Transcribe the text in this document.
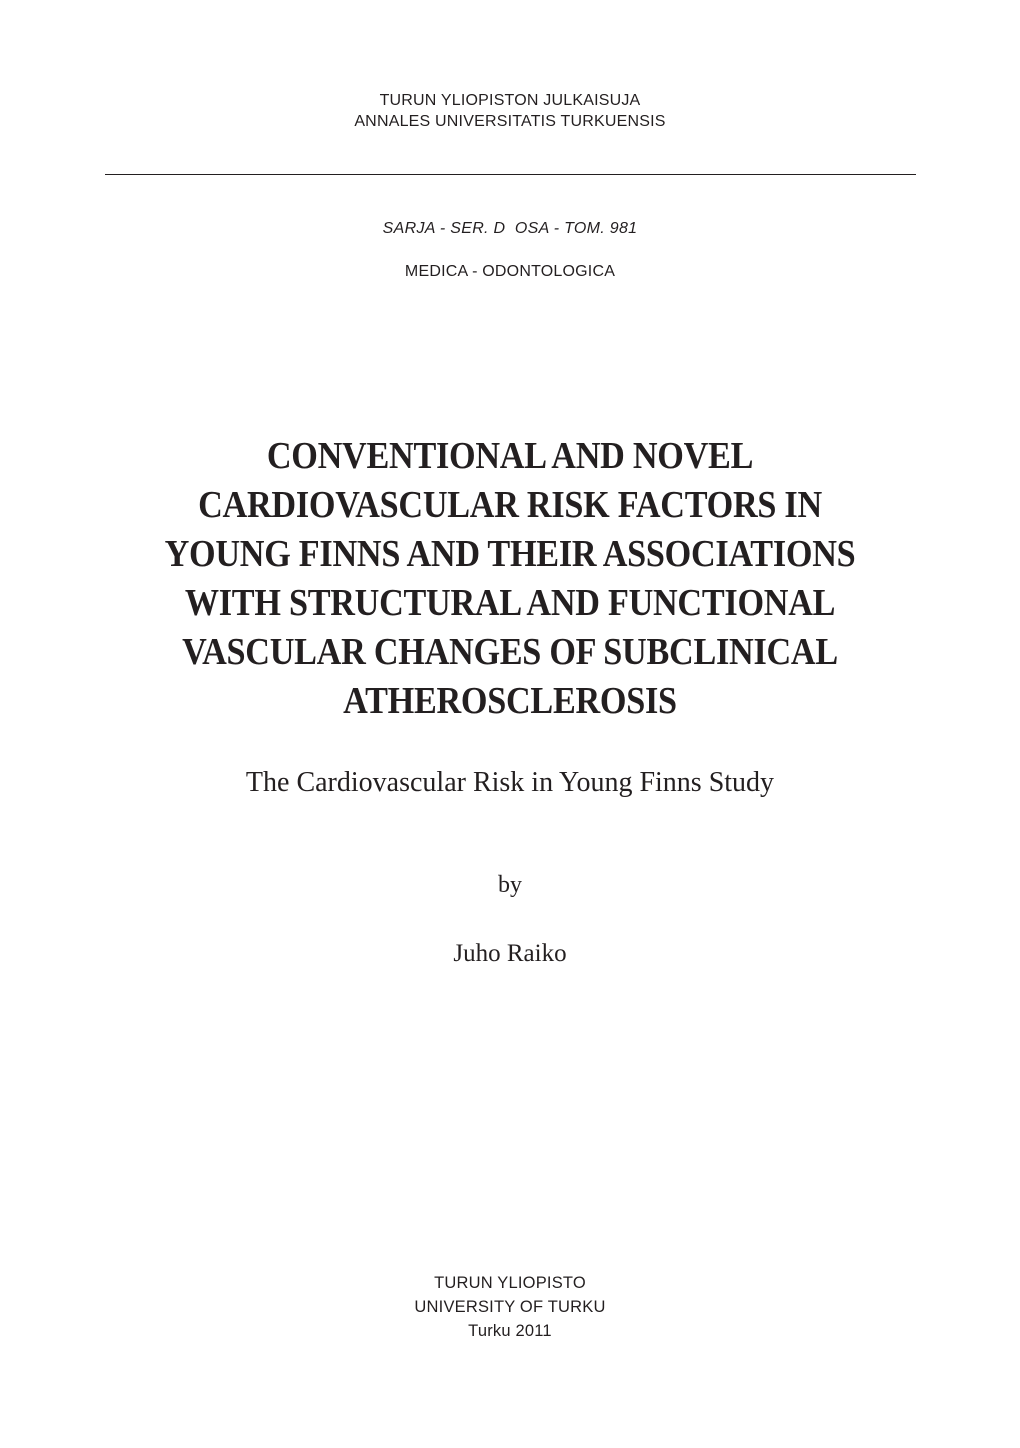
TURUN YLIOPISTON JULKAISUJA
ANNALES UNIVERSITATIS TURKUENSIS
SARJA - SER. D  OSA - TOM. 981
MEDICA - ODONTOLOGICA
CONVENTIONAL AND NOVEL
CARDIOVASCULAR RISK FACTORS IN
YOUNG FINNS AND THEIR ASSOCIATIONS
WITH STRUCTURAL AND FUNCTIONAL
VASCULAR CHANGES OF SUBCLINICAL
ATHEROSCLEROSIS
The Cardiovascular Risk in Young Finns Study
by
Juho Raiko
TURUN YLIOPISTO
UNIVERSITY OF TURKU
Turku 2011
